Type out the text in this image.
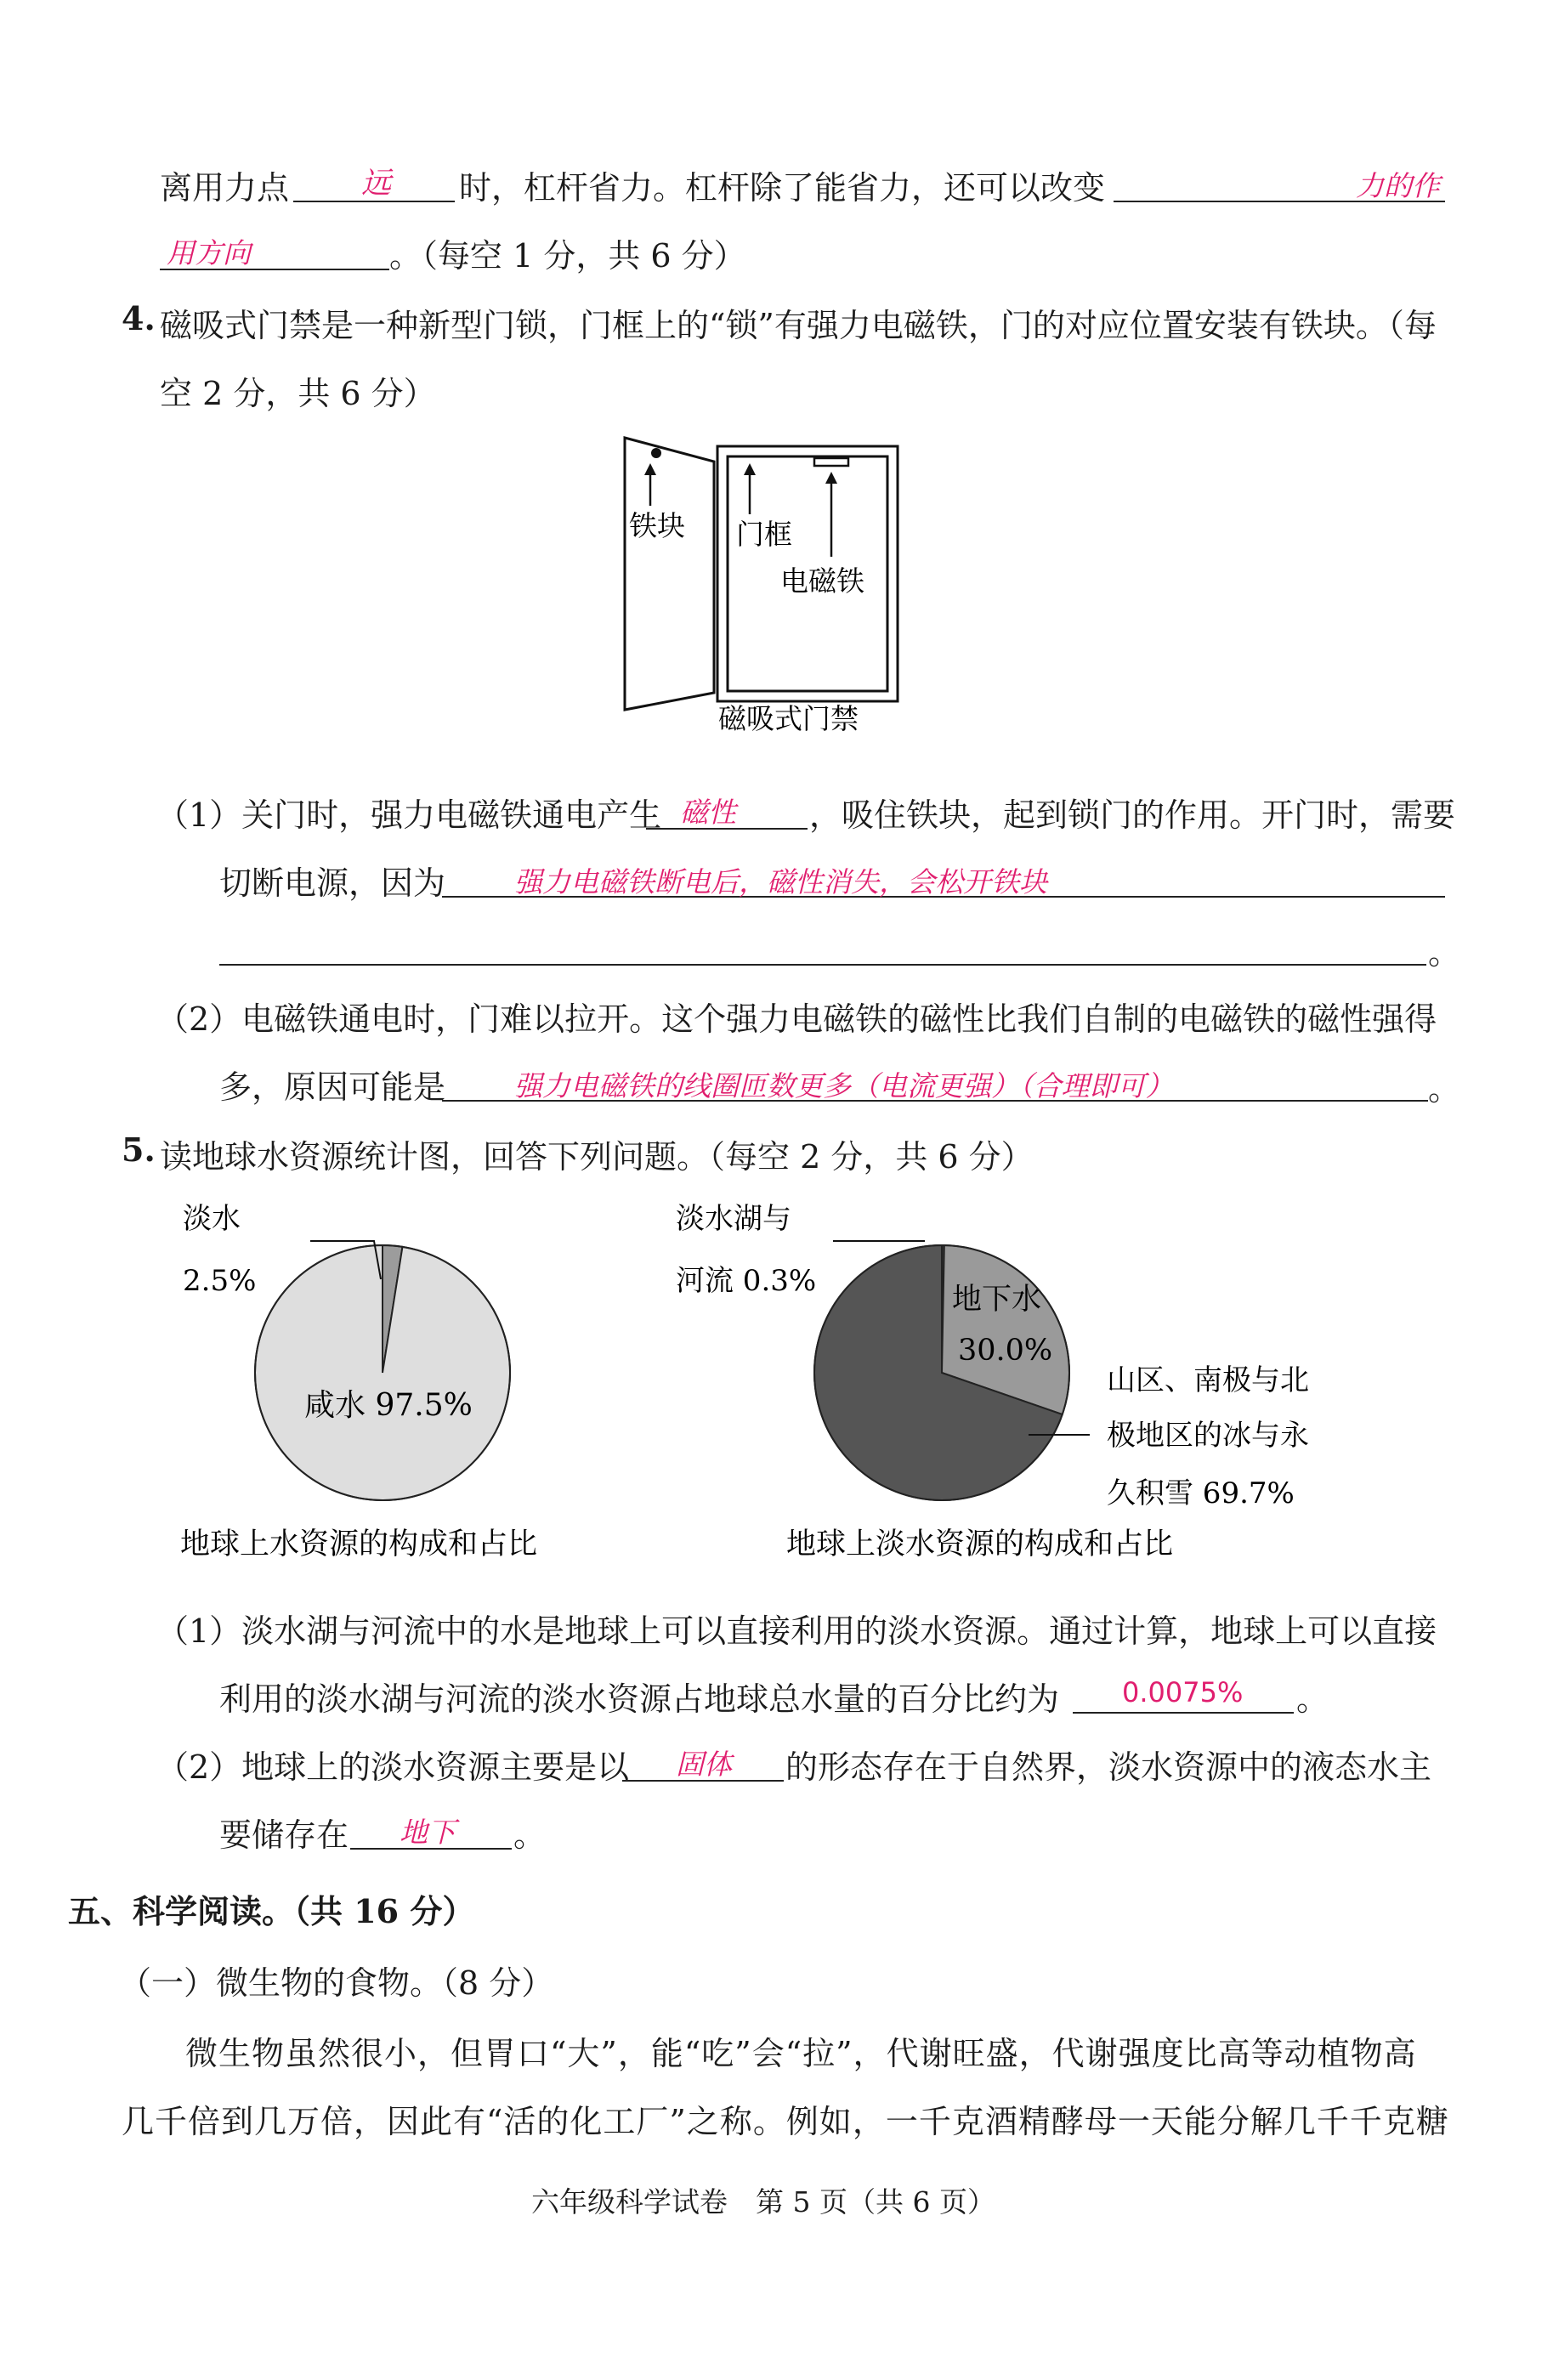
离用力点 远 时，杠杆省力。杠杆除了能省力，还可以改变	力的作
用方向	。（每空 1 分，共 6 分）
4. 磁吸式门禁是一种新型门锁，门框上的“锁”有强力电磁铁，门的对应位置安装有铁块。（每
空 2 分，共 6 分）
铁块 门框
电磁铁
磁吸式门禁
（1）关门时，强力电磁铁通电产生 磁性 ，吸住铁块，起到锁门的作用。开门时，需要
切断电源，因为 强力电磁铁断电后，磁性消失，会松开铁块
。
（2）电磁铁通电时，门难以拉开。这个强力电磁铁的磁性比我们自制的电磁铁的磁性强得
多，原因可能是 强力电磁铁的线圈匝数更多（电流更强）（合理即可）	。
5. 读地球水资源统计图，回答下列问题。（每空 2 分，共 6 分）
淡水
2.5%
咸水 97.5%
地球上水资源的构成和占比
淡水湖与
河流 0.3%
地下水
30.0%
山区、南极与北
极地区的冰与永
久积雪 69.7%
地球上淡水资源的构成和占比
（1）淡水湖与河流中的水是地球上可以直接利用的淡水资源。通过计算，地球上可以直接
利用的淡水湖与河流的淡水资源占地球总水量的百分比约为 0.0075% 。
（2）地球上的淡水资源主要是以 固体 的形态存在于自然界，淡水资源中的液态水主
要储存在 地下 。
五、科学阅读。（共 16 分）
（一）微生物的食物。（8 分）
微生物虽然很小，但胃口“大”，能“吃”会“拉”，代谢旺盛，代谢强度比高等动植物高
几千倍到几万倍，因此有“活的化工厂”之称。例如，一千克酒精酵母一天能分解几千千克糖
六年级科学试卷　第 5 页（共 6 页）
